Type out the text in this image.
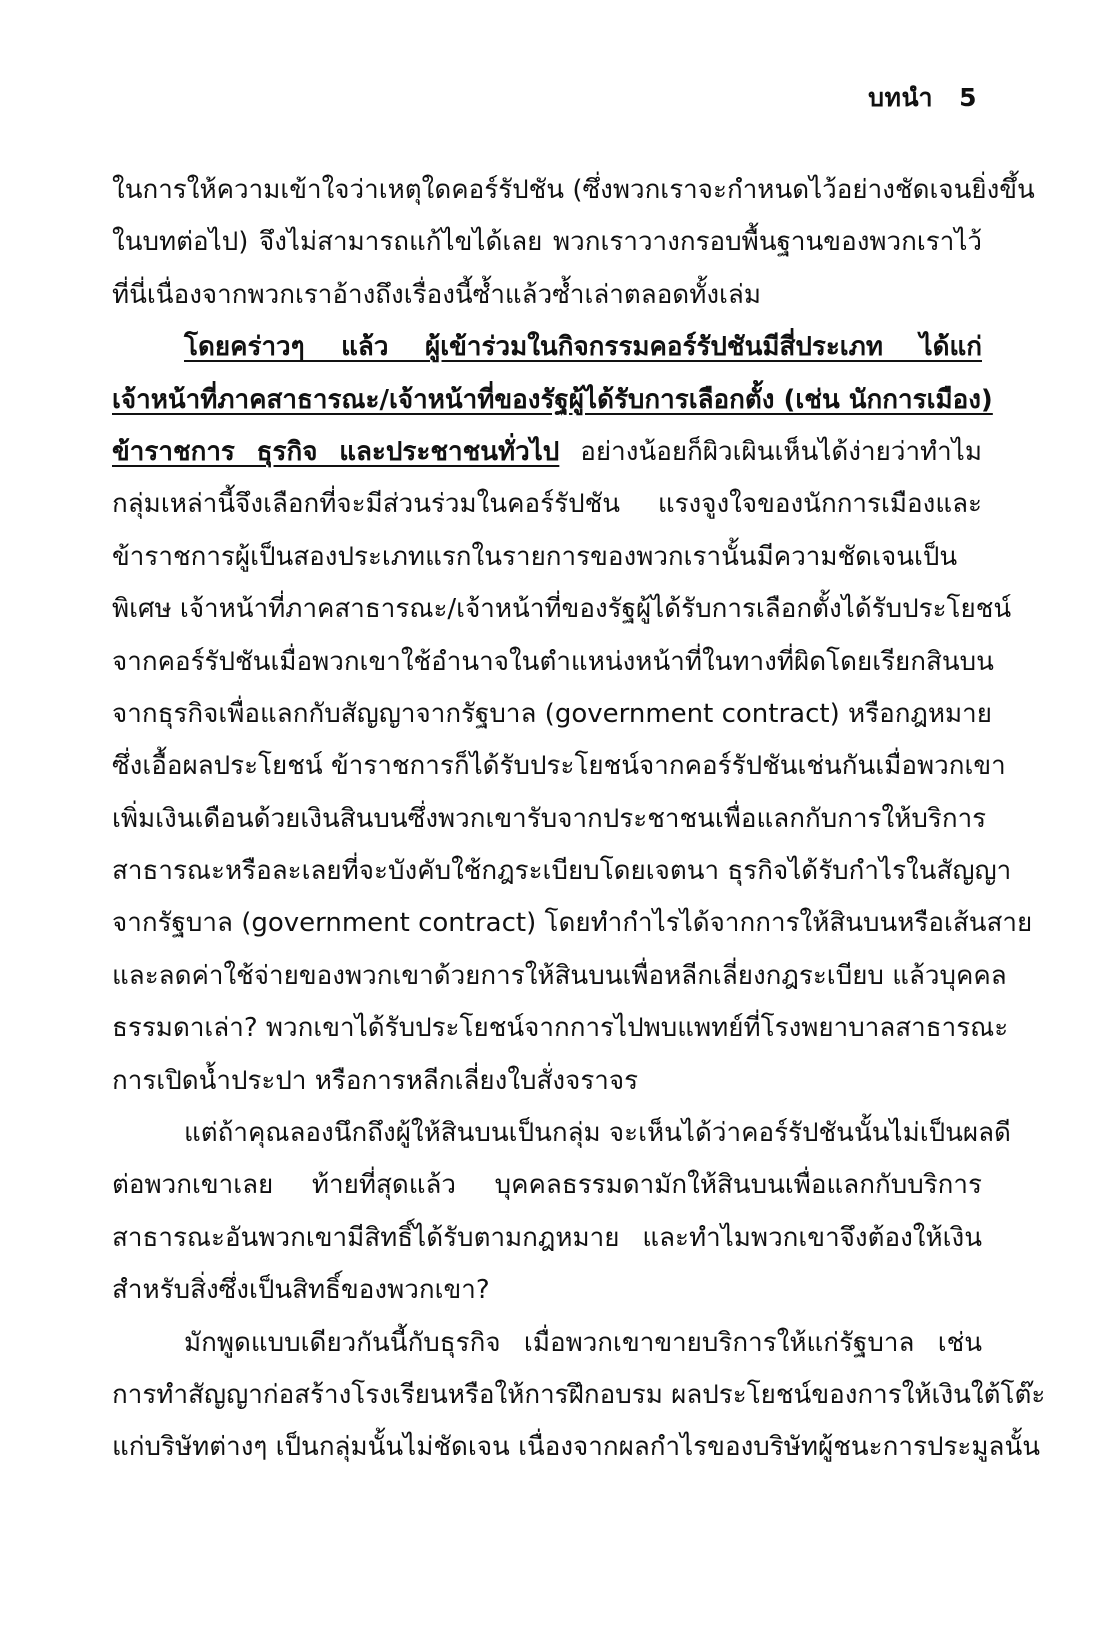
บทนำ 5
ในการให้ความเข้าใจว่าเหตุใดคอร์รัปชัน (ซึ่งพวกเราจะกำหนดไว้อย่างชัดเจนยิ่งขึ้น
ในบทต่อไป) จึงไม่สามารถแก้ไขได้เลย พวกเราวางกรอบพื้นฐานของพวกเราไว้
ที่นี่เนื่องจากพวกเราอ้างถึงเรื่องนี้ซ้ำแล้วซ้ำเล่าตลอดทั้งเล่ม
โดยคร่าวๆ แล้ว ผู้เข้าร่วมในกิจกรรมคอร์รัปชันมีสี่ประเภท ได้แก่
เจ้าหน้าที่ภาคสาธารณะ/เจ้าหน้าที่ของรัฐผู้ได้รับการเลือกตั้ง (เช่น นักการเมือง)
ข้าราชการ ธุรกิจ และประชาชนทั่วไป อย่างน้อยก็ผิวเผินเห็นได้ง่ายว่าทำไม
กลุ่มเหล่านี้จึงเลือกที่จะมีส่วนร่วมในคอร์รัปชัน แรงจูงใจของนักการเมืองและ
ข้าราชการผู้เป็นสองประเภทแรกในรายการของพวกเรานั้นมีความชัดเจนเป็น
พิเศษ เจ้าหน้าที่ภาคสาธารณะ/เจ้าหน้าที่ของรัฐผู้ได้รับการเลือกตั้งได้รับประโยชน์
จากคอร์รัปชันเมื่อพวกเขาใช้อำนาจในตำแหน่งหน้าที่ในทางที่ผิดโดยเรียกสินบน
จากธุรกิจเพื่อแลกกับสัญญาจากรัฐบาล (government contract) หรือกฎหมาย
ซึ่งเอื้อผลประโยชน์ ข้าราชการก็ได้รับประโยชน์จากคอร์รัปชันเช่นกันเมื่อพวกเขา
เพิ่มเงินเดือนด้วยเงินสินบนซึ่งพวกเขารับจากประชาชนเพื่อแลกกับการให้บริการ
สาธารณะหรือละเลยที่จะบังคับใช้กฎระเบียบโดยเจตนา ธุรกิจได้รับกำไรในสัญญา
จากรัฐบาล (government contract) โดยทำกำไรได้จากการให้สินบนหรือเส้นสาย
และลดค่าใช้จ่ายของพวกเขาด้วยการให้สินบนเพื่อหลีกเลี่ยงกฎระเบียบ แล้วบุคคล
ธรรมดาเล่า? พวกเขาได้รับประโยชน์จากการไปพบแพทย์ที่โรงพยาบาลสาธารณะ
การเปิดน้ำประปา หรือการหลีกเลี่ยงใบสั่งจราจร
แต่ถ้าคุณลองนึกถึงผู้ให้สินบนเป็นกลุ่ม จะเห็นได้ว่าคอร์รัปชันนั้นไม่เป็นผลดี
ต่อพวกเขาเลย ท้ายที่สุดแล้ว บุคคลธรรมดามักให้สินบนเพื่อแลกกับบริการ
สาธารณะอันพวกเขามีสิทธิ์ได้รับตามกฎหมาย และทำไมพวกเขาจึงต้องให้เงิน
สำหรับสิ่งซึ่งเป็นสิทธิ์ของพวกเขา?
มักพูดแบบเดียวกันนี้กับธุรกิจ เมื่อพวกเขาขายบริการให้แก่รัฐบาล เช่น
การทำสัญญาก่อสร้างโรงเรียนหรือให้การฝึกอบรม ผลประโยชน์ของการให้เงินใต้โต๊ะ
แก่บริษัทต่างๆ เป็นกลุ่มนั้นไม่ชัดเจน เนื่องจากผลกำไรของบริษัทผู้ชนะการประมูลนั้น
